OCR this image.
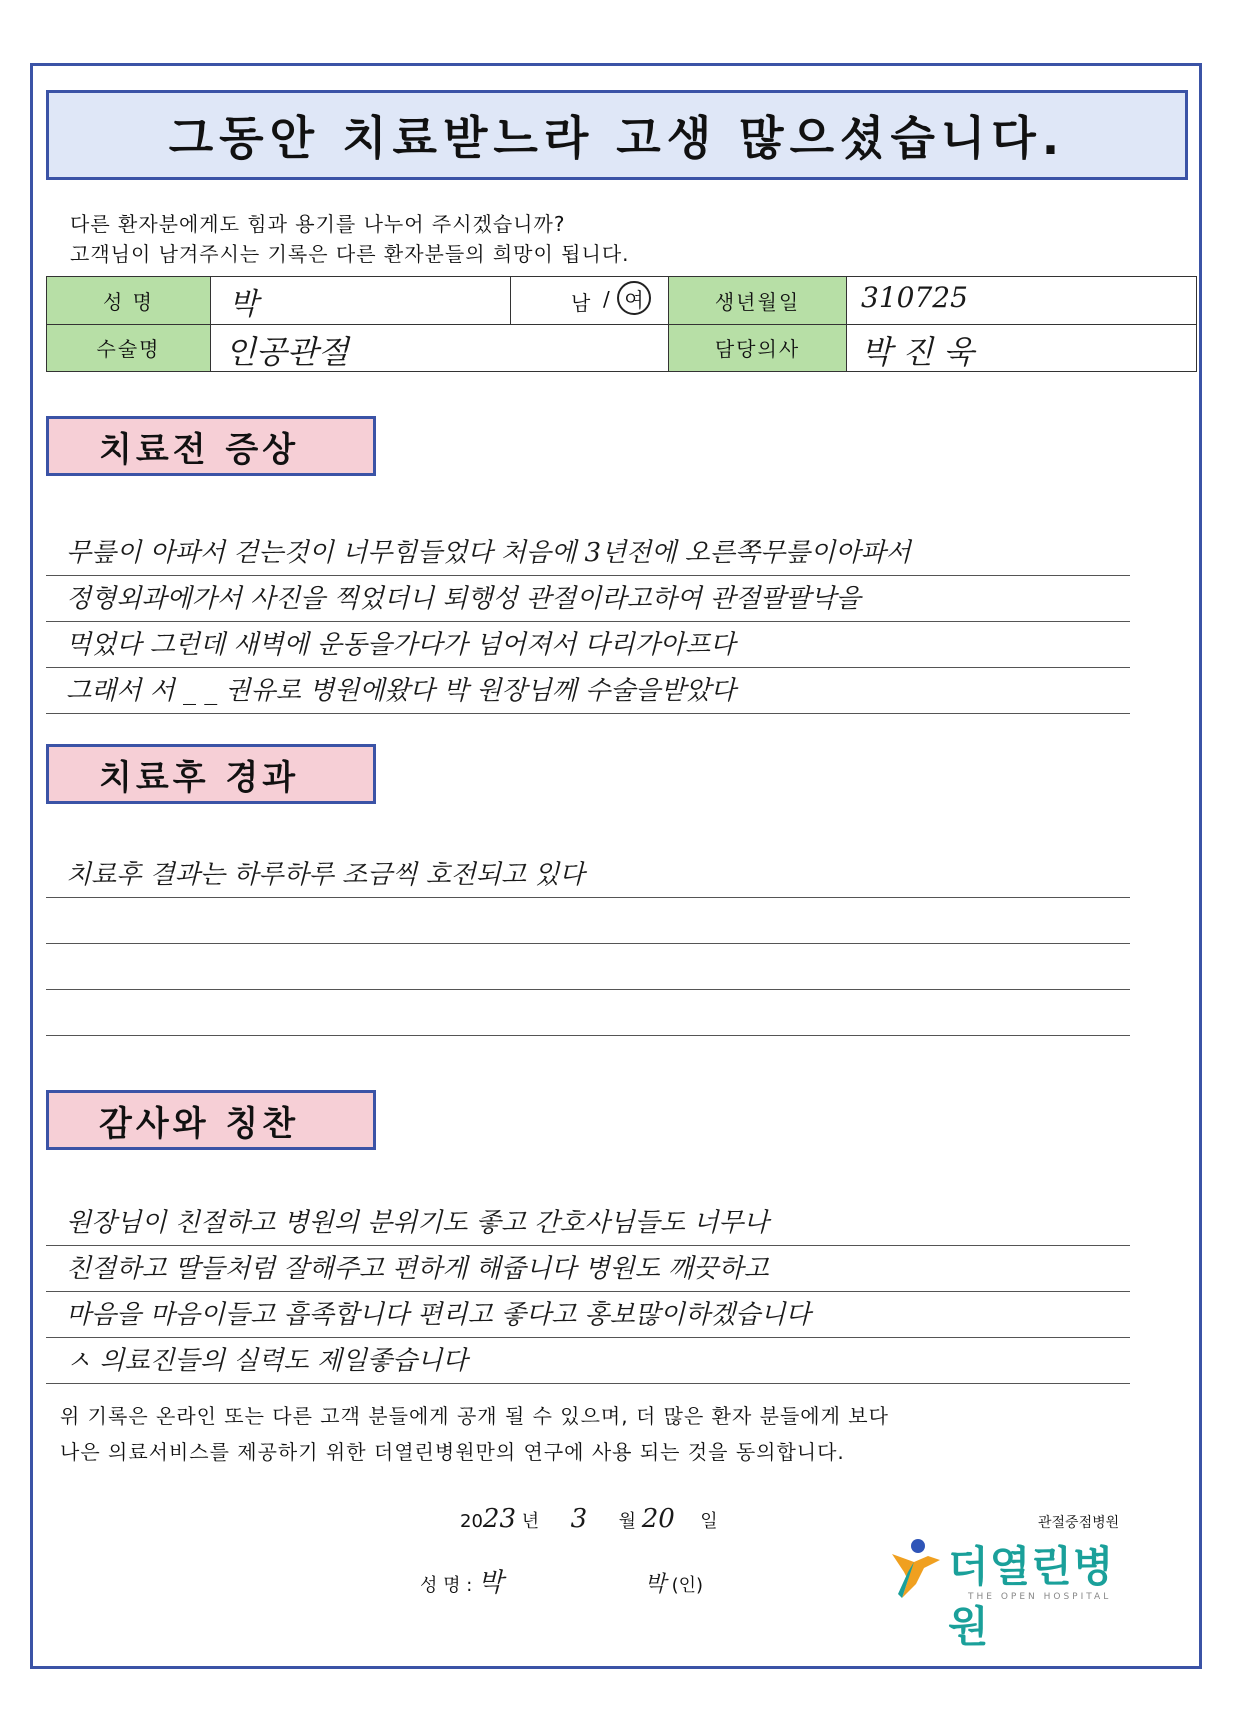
그동안 치료받느라 고생 많으셨습니다.
다른 환자분에게도 힘과 용기를 나누어 주시겠습니까?
고객님이 남겨주시는 기록은 다른 환자분들의 희망이 됩니다.
성 명	박	남 / 여	생년월일	310725

수술명	인공관절		담당의사	박 진 욱
치료전 증상
무릎이 아파서 걷는것이 너무힘들었다 처음에 3년전에 오른쪽무릎이아파서
정형외과에가서 사진을 찍었더니 퇴행성 관절이라고하여 관절팔팔낙을
먹었다 그런데 새벽에 운동을가다가 넘어져서 다리가아프다
그래서 서 _ _ 권유로 병원에왔다 박 원장님께 수술을받았다
치료후 경과
치료후 결과는 하루하루 조금씩 호전되고 있다
감사와 칭찬
원장님이 친절하고 병원의 분위기도 좋고 간호사님들도 너무나
친절하고 딸들처럼 잘해주고 편하게 해줍니다 병원도 깨끗하고
마음을 마음이들고 흡족합니다 편리고 좋다고 홍보많이하겠습니다
ㅅ 의료진들의 실력도 제일좋습니다
위 기록은 온라인 또는 다른 고객 분들에게 공개 될 수 있으며, 더 많은 환자 분들에게 보다
나은 의료서비스를 제공하기 위한 더열린병원만의 연구에 사용 되는 것을 동의합니다.
2023 년 3 월 20 일
성 명 : 박	박 (인)
관절중점병원
더열린병원
THE OPEN HOSPITAL
